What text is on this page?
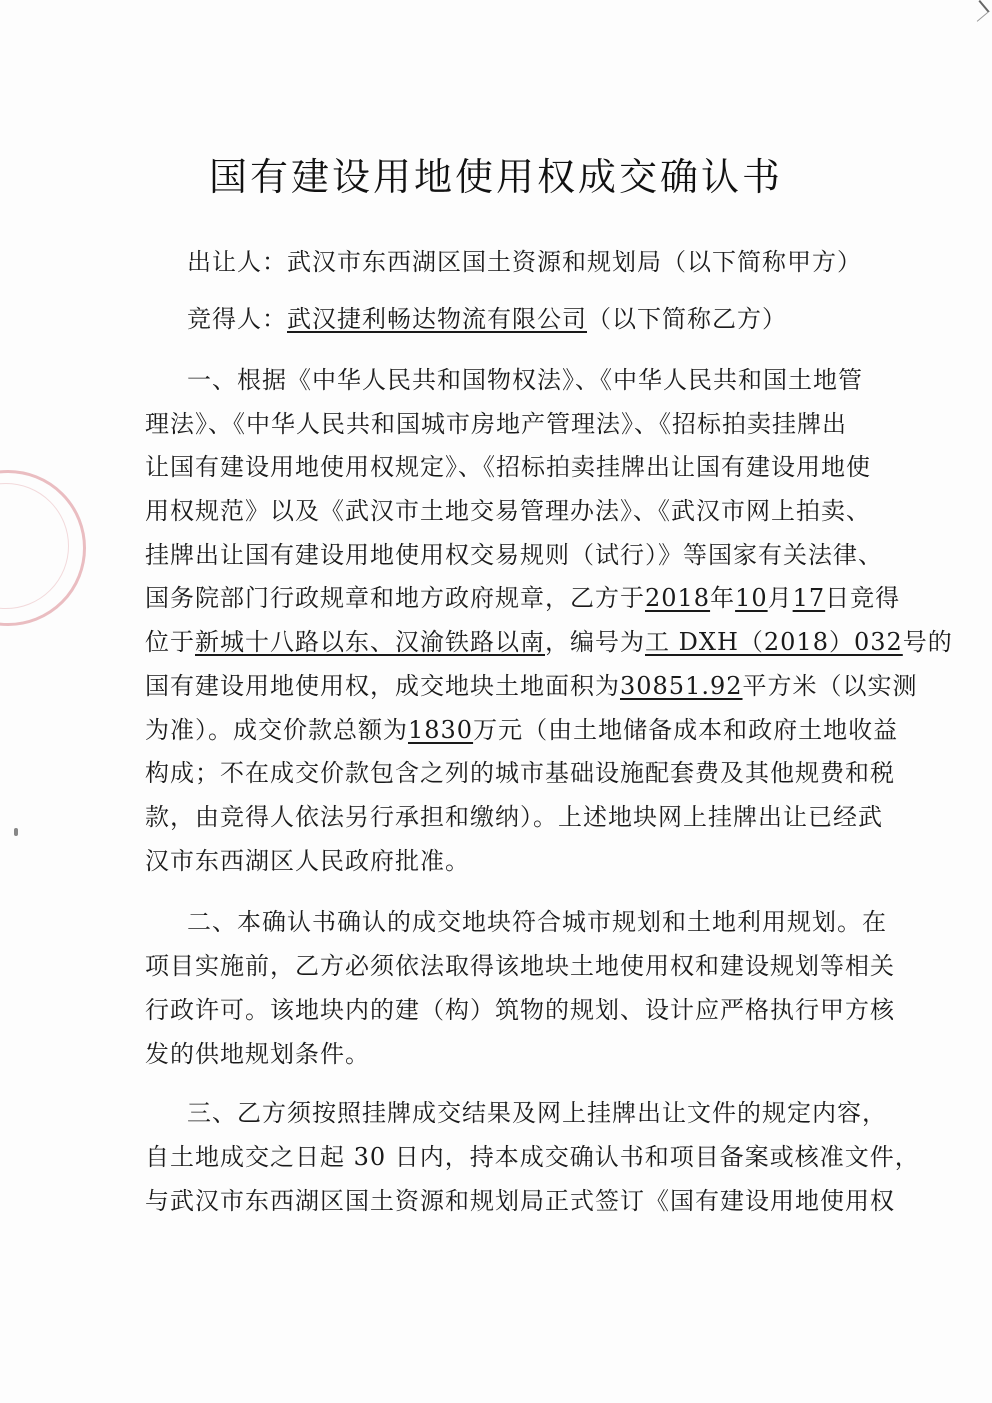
国有建设用地使用权成交确认书
出让人：武汉市东西湖区国土资源和规划局（以下简称甲方）
竞得人：武汉捷利畅达物流有限公司（以下简称乙方）
一、根据《中华人民共和国物权法》、《中华人民共和国土地管
理法》、《中华人民共和国城市房地产管理法》、《招标拍卖挂牌出
让国有建设用地使用权规定》、《招标拍卖挂牌出让国有建设用地使
用权规范》以及《武汉市土地交易管理办法》、《武汉市网上拍卖、
挂牌出让国有建设用地使用权交易规则（试行）》等国家有关法律、
国务院部门行政规章和地方政府规章，乙方于2018年10月17日竞得
位于新城十八路以东、汉渝铁路以南，编号为工 DXH（2018）032号的
国有建设用地使用权，成交地块土地面积为30851.92平方米（以实测
为准）。成交价款总额为1830万元（由土地储备成本和政府土地收益
构成；不在成交价款包含之列的城市基础设施配套费及其他规费和税
款，由竞得人依法另行承担和缴纳）。上述地块网上挂牌出让已经武
汉市东西湖区人民政府批准。
二、本确认书确认的成交地块符合城市规划和土地利用规划。在
项目实施前，乙方必须依法取得该地块土地使用权和建设规划等相关
行政许可。该地块内的建（构）筑物的规划、设计应严格执行甲方核
发的供地规划条件。
三、乙方须按照挂牌成交结果及网上挂牌出让文件的规定内容，
自土地成交之日起 30 日内，持本成交确认书和项目备案或核准文件，
与武汉市东西湖区国土资源和规划局正式签订《国有建设用地使用权
